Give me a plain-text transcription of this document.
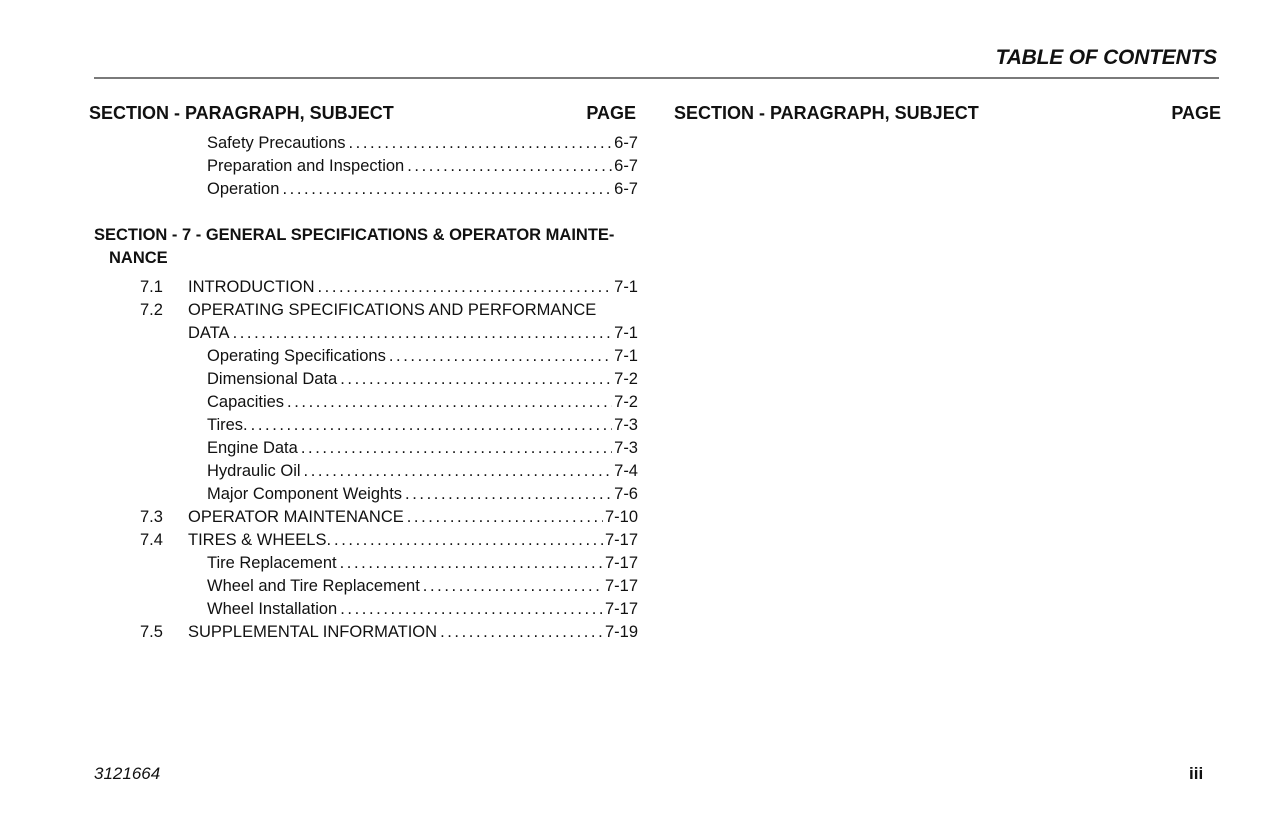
TABLE OF CONTENTS
SECTION - PARAGRAPH, SUBJECT	PAGE SECTION - PARAGRAPH, SUBJECT	PAGE
Safety Precautions .....	6-7
Preparation and Inspection .....	6-7
Operation .....	6-7
SECTION - 7 - GENERAL SPECIFICATIONS & OPERATOR MAINTE-
NANCE
7.1 INTRODUCTION .....	7-1
7.2 OPERATING SPECIFICATIONS AND PERFORMANCE
DATA .....	7-1
Operating Specifications .....	7-1
Dimensional Data .....	7-2
Capacities .....	7-2
Tires. .....	7-3
Engine Data .....	7-3
Hydraulic Oil .....	7-4
Major Component Weights .....	7-6
7.3 OPERATOR MAINTENANCE .....	7-10
7.4 TIRES & WHEELS. .....	7-17
Tire Replacement .....	7-17
Wheel and Tire Replacement .....	7-17
Wheel Installation .....	7-17
7.5 SUPPLEMENTAL INFORMATION .....	7-19
3121664	iii
